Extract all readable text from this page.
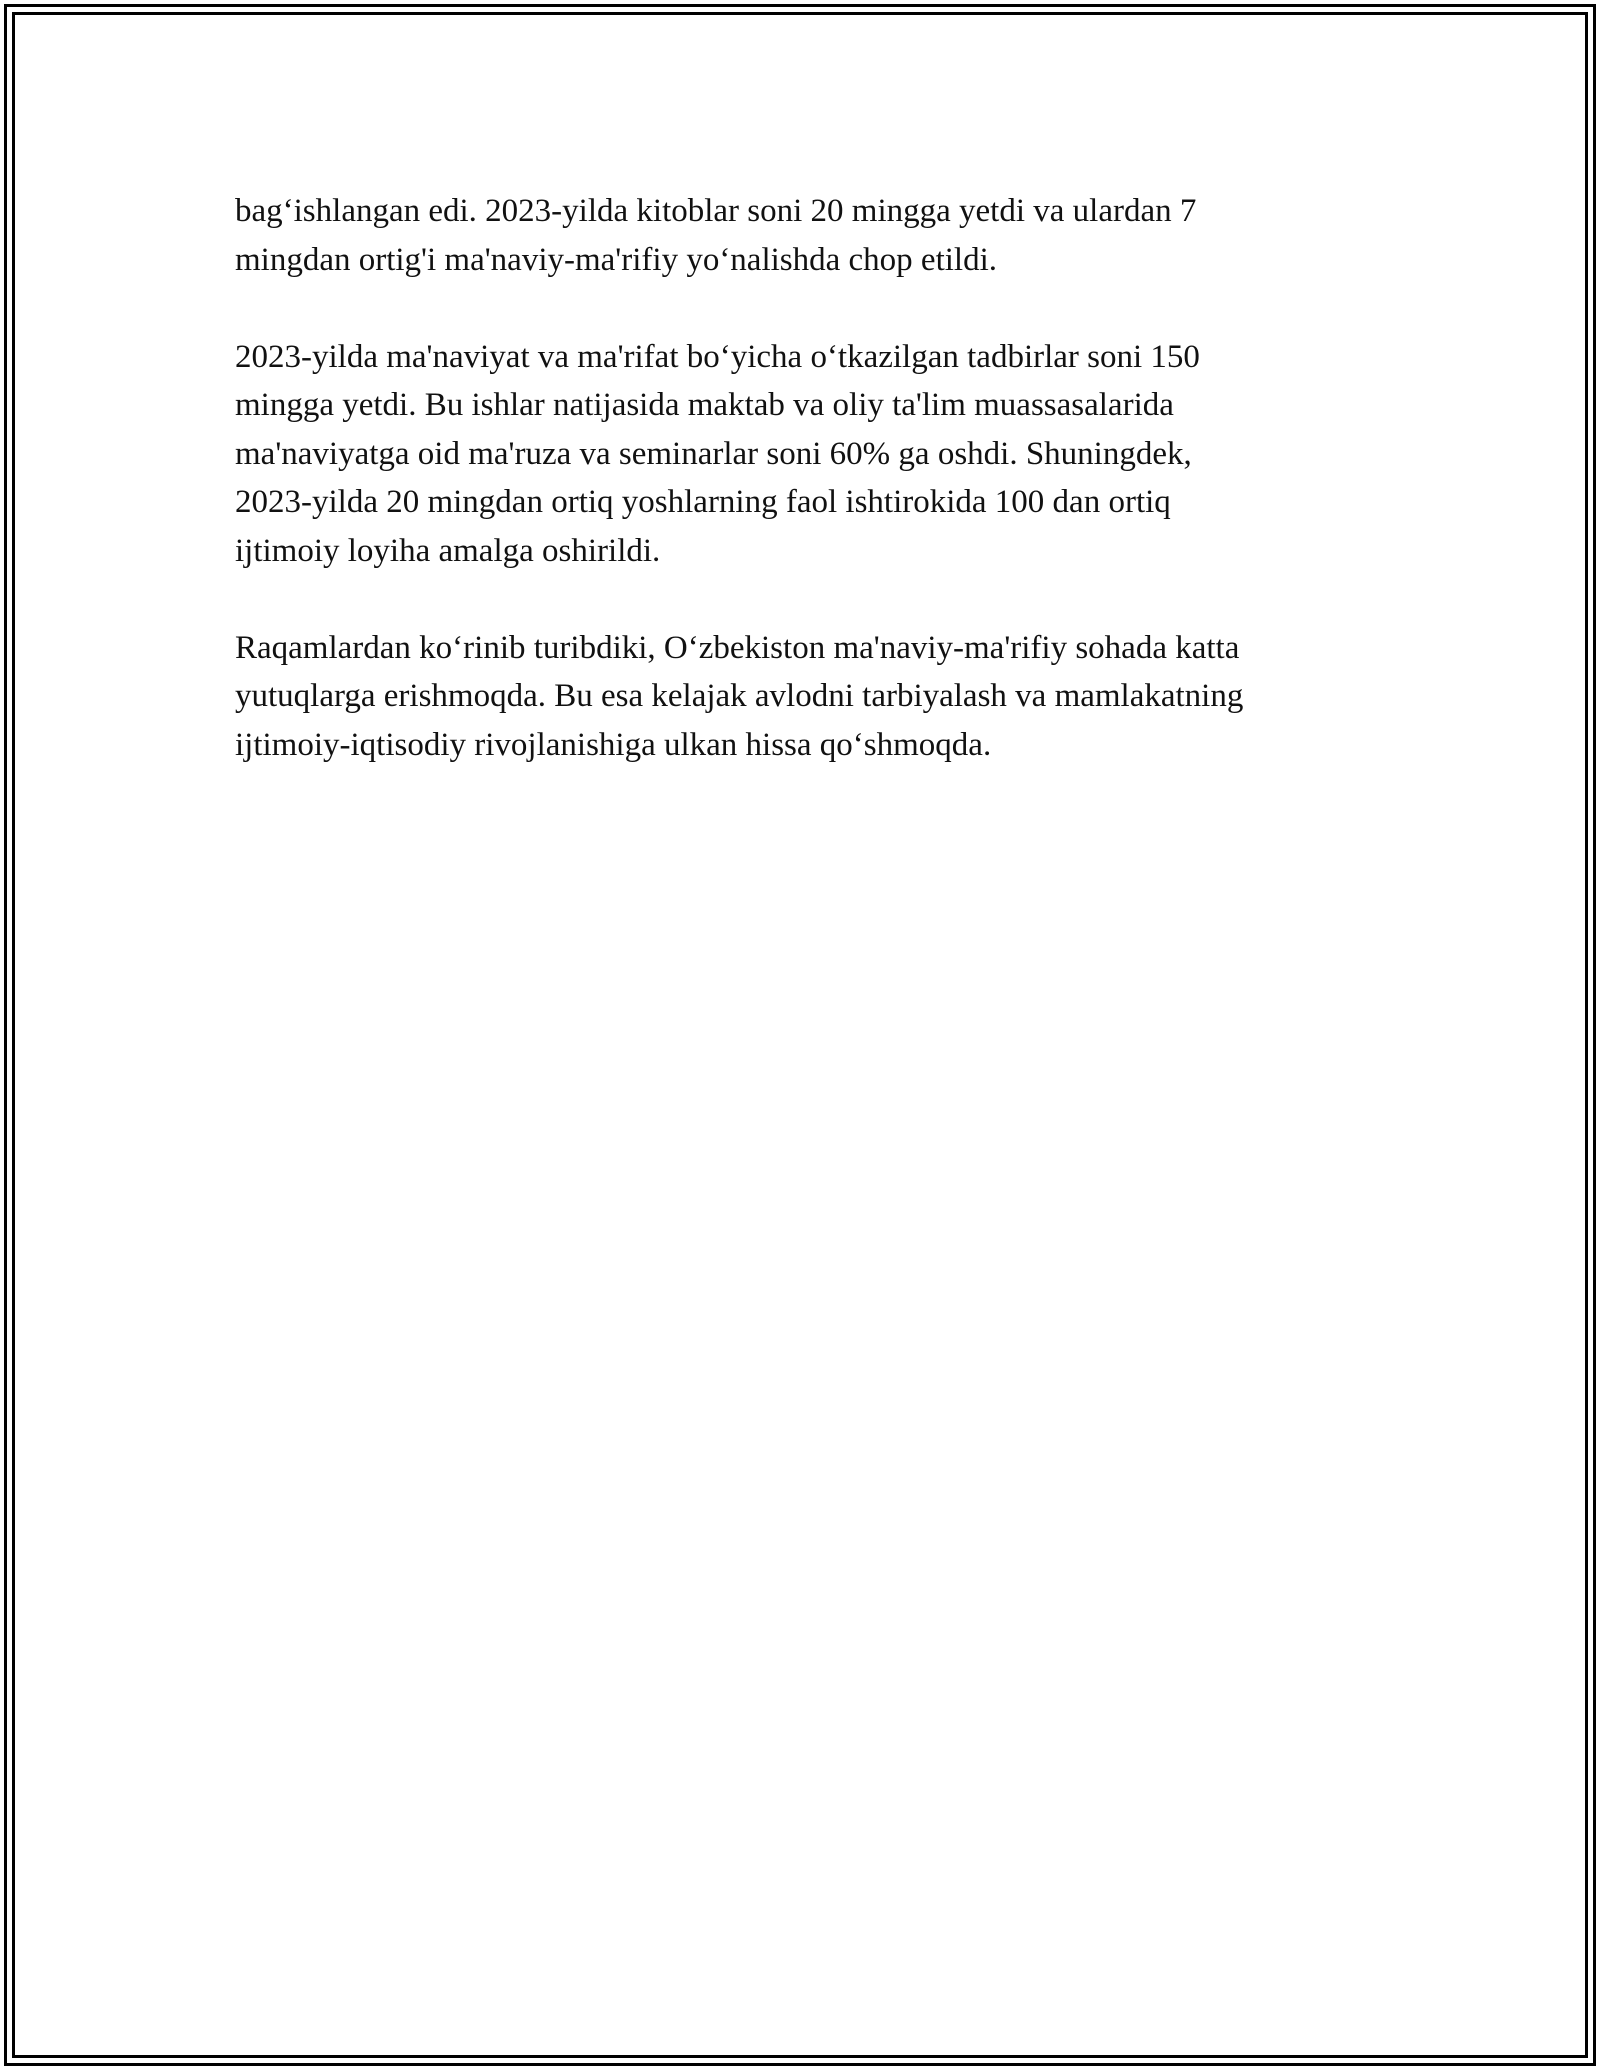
bag‘ishlangan edi. 2023-yilda kitoblar soni 20 mingga yetdi va ulardan 7
mingdan ortig'i ma'naviy-ma'rifiy yo‘nalishda chop etildi.

2023-yilda ma'naviyat va ma'rifat bo‘yicha o‘tkazilgan tadbirlar soni 150
mingga yetdi. Bu ishlar natijasida maktab va oliy ta'lim muassasalarida
ma'naviyatga oid ma'ruza va seminarlar soni 60% ga oshdi. Shuningdek,
2023-yilda 20 mingdan ortiq yoshlarning faol ishtirokida 100 dan ortiq
ijtimoiy loyiha amalga oshirildi.

Raqamlardan ko‘rinib turibdiki, O‘zbekiston ma'naviy-ma'rifiy sohada katta
yutuqlarga erishmoqda. Bu esa kelajak avlodni tarbiyalash va mamlakatning
ijtimoiy-iqtisodiy rivojlanishiga ulkan hissa qo‘shmoqda.
